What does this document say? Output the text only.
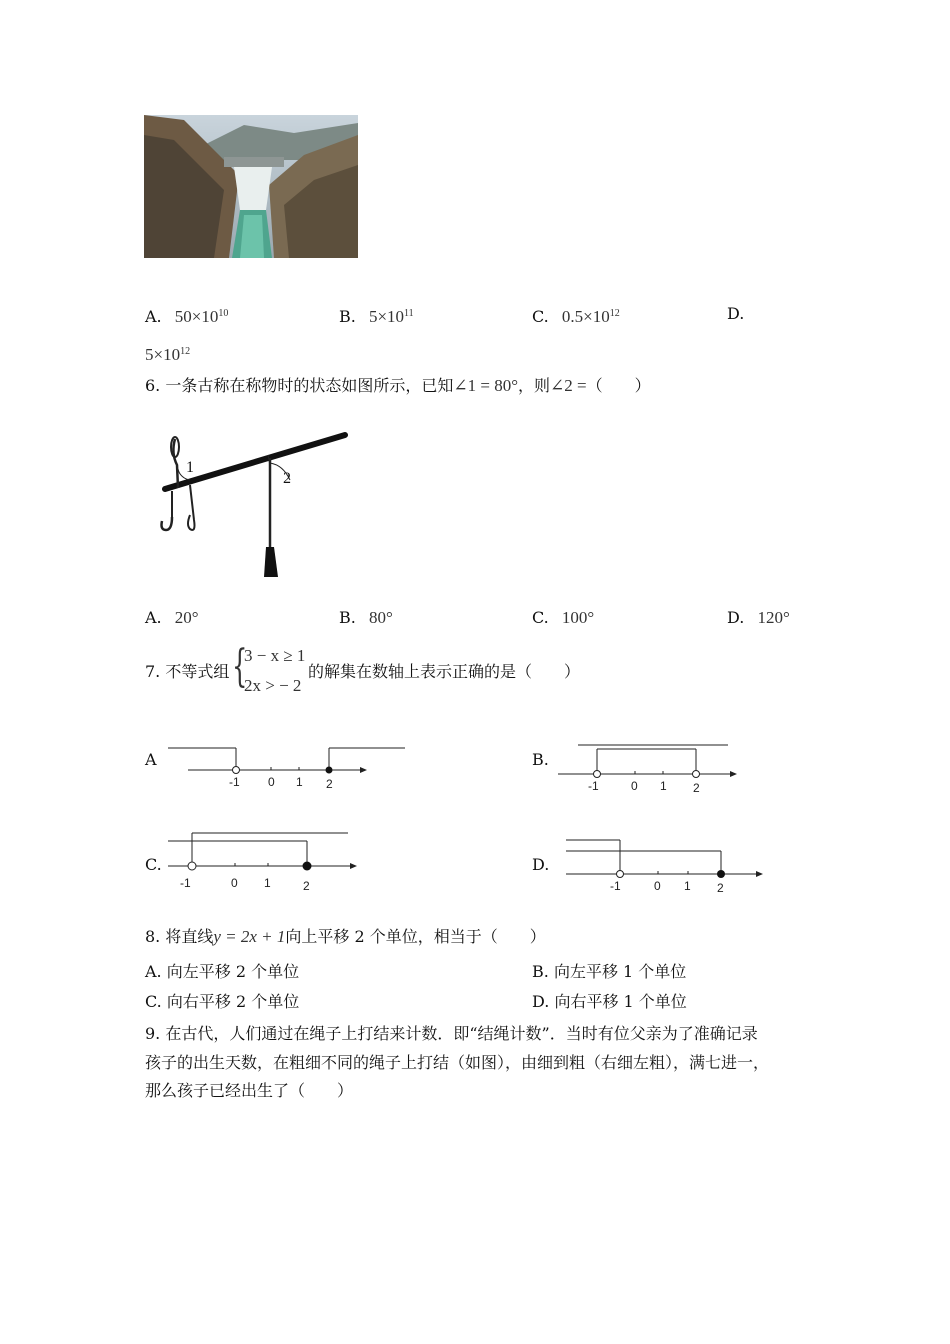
A. $50\times 10^{10}$	B. $5\times 10^{11}$	C. $0.5\times 10^{12}$	D.
$5\times 10^{12}$
6. 一条古称在称物时的状态如图所示，已知∠1 = 80°，则∠2 =（　　）
1
2
A. 20°	B. 80°	C. 100°	D. 120°
7. 不等式组 {
3 − x ≥ 1
2x > − 2
的解集在数轴上表示正确的是（　　）
A
-1 0 1 2
B.
-1	0 1 2
C.
-1	0 1	2
D.
-1	0 1 2
8. 将直线y = 2x + 1向上平移 2 个单位，相当于（　　）
A. 向左平移 2 个单位	B. 向左平移 1 个单位
C. 向右平移 2 个单位	D. 向右平移 1 个单位
9. 在古代，人们通过在绳子上打结来计数．即“结绳计数”．当时有位父亲为了准确记录
孩子的出生天数，在粗细不同的绳子上打结（如图），由细到粗（右细左粗），满七进一，
那么孩子已经出生了（　　）
